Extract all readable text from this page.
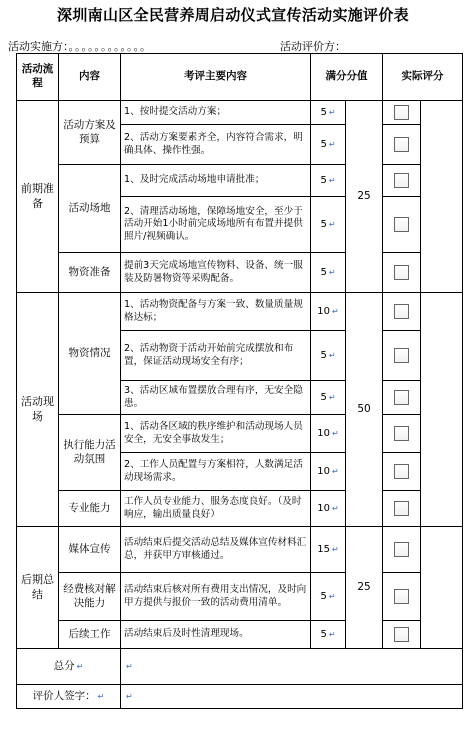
深圳南山区全民营养周启动仪式宣传活动实施评价表
活动实施方：。。。。。。。。。。。。	活动评价方：
活动流程	内容	考评主要内容	满分分值		实际评分	
前期准备	活动方案及预算	1、按时提交活动方案；	5 ↵	25	

		2、活动方案要素齐全，内容符合需求，明确具体、操作性强。	5 ↵			

	活动场地	1、及时完成活动场地申请批准；	5 ↵			

		2、清理活动场地，保障场地安全，至少于活动开始1小时前完成场地所有布置并提供照片/视频确认。	5 ↵			

	物资准备	提前3天完成场地宣传物料、设备、统一服装及防暑物资等采购配备。	5 ↵			

活动现场	物资情况	1、活动物资配备与方案一致、数量质量规格达标；	10 ↵	50	

		2、活动物资于活动开始前完成摆放和布置，保证活动现场安全有序；	5 ↵			

		3、活动区域布置摆放合理有序，无安全隐患。	5 ↵			

	执行能力活动氛围	1、活动各区域的秩序维护和活动现场人员安全，无安全事故发生；	10 ↵			

		2、工作人员配置与方案相符，人数满足活动现场需求。	10 ↵			

	专业能力	工作人员专业能力、服务态度良好。（及时响应，输出质量良好）	10 ↵			

后期总结	媒体宣传	活动结束后提交活动总结及媒体宣传材料汇总，并获甲方审核通过。	15 ↵	25	

	经费核对解决能力	活动结束后核对所有费用支出情况，及时向甲方提供与报价一致的活动费用清单。	5 ↵			

	后续工作	活动结束后及时性清理现场。	5 ↵			

总分 ↵		↵				
评价人签字： ↵		↵				
